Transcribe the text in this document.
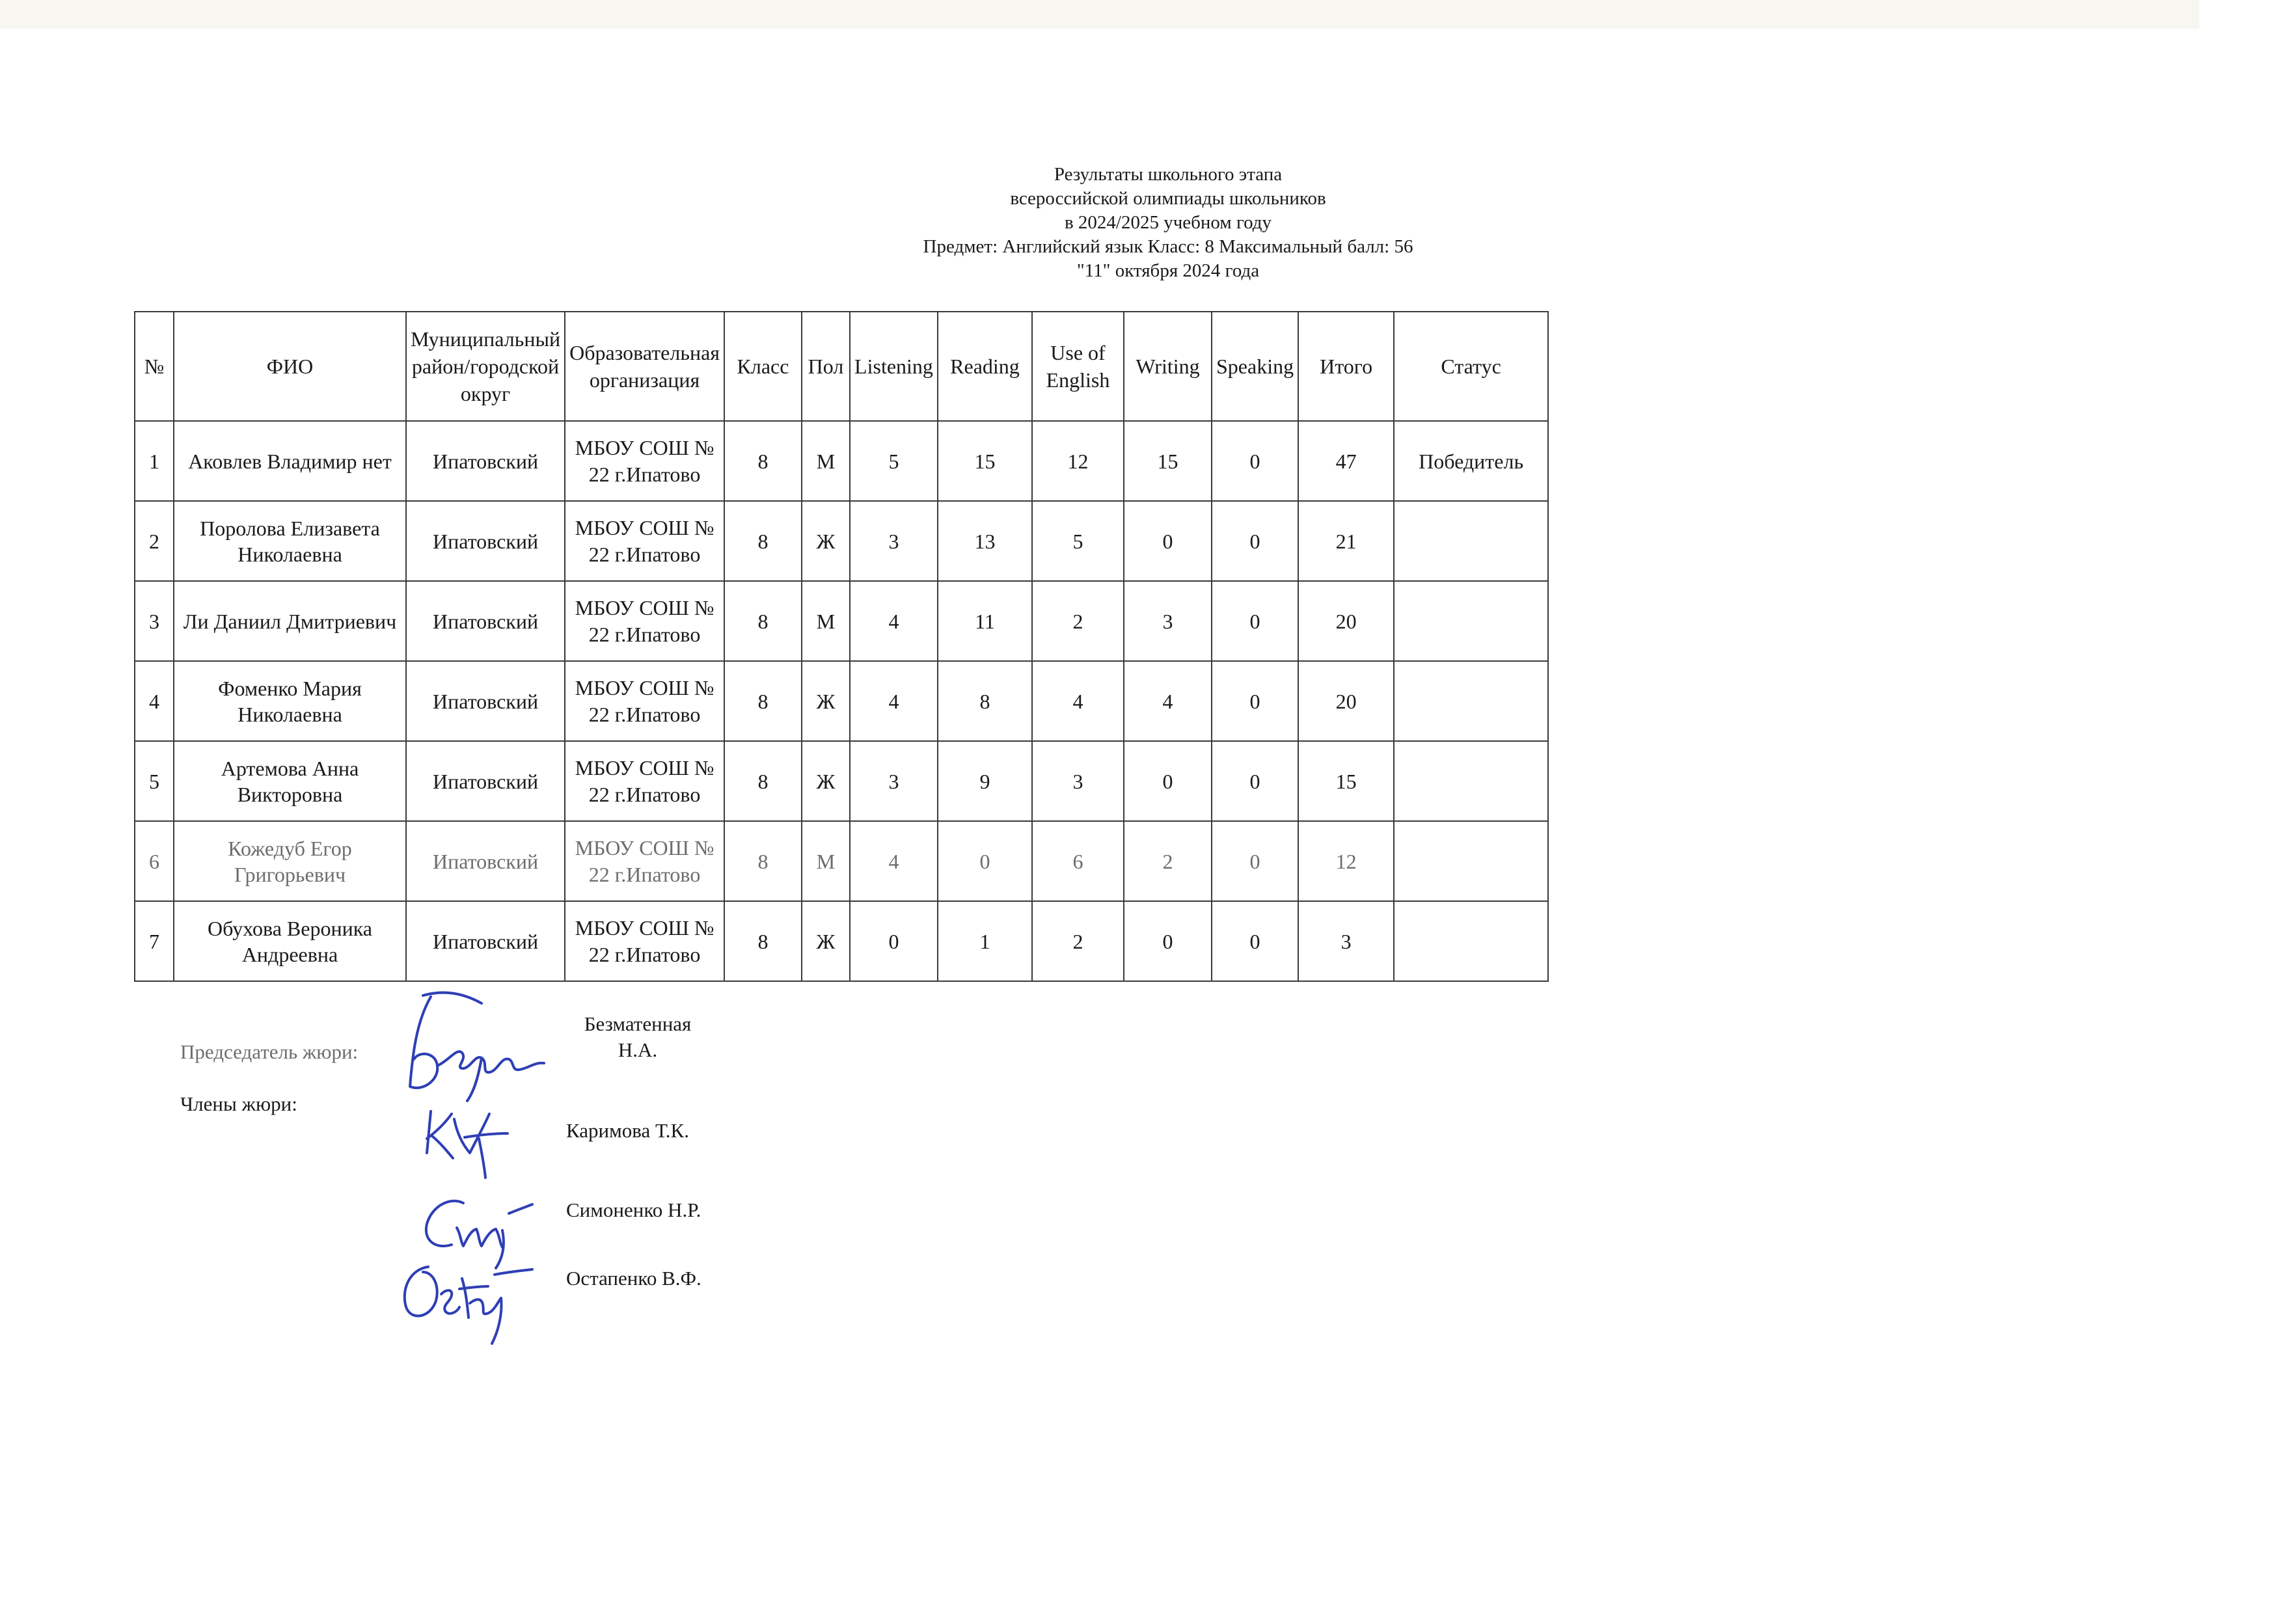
Результаты школьного этапа
всероссийской олимпиады школьников
в 2024/2025 учебном году
Предмет: Английский язык Класс: 8 Максимальный балл: 56
"11" октября 2024 года
№	ФИО	Муниципальный район/городской округ	Образовательная организация	Класс	Пол	Listening	Reading	Use of English	Writing	Speaking	Итого	Статус
1	Аковлев Владимир нет	Ипатовский	МБОУ СОШ № 22 г.Ипатово	8	М	5	15	12	15	0	47	Победитель
2	Поролова Елизавета Николаевна	Ипатовский	МБОУ СОШ № 22 г.Ипатово	8	Ж	3	13	5	0	0	21	
3	Ли Даниил Дмитриевич	Ипатовский	МБОУ СОШ № 22 г.Ипатово	8	М	4	11	2	3	0	20	
4	Фоменко Мария Николаевна	Ипатовский	МБОУ СОШ № 22 г.Ипатово	8	Ж	4	8	4	4	0	20	
5	Артемова Анна Викторовна	Ипатовский	МБОУ СОШ № 22 г.Ипатово	8	Ж	3	9	3	0	0	15	
6	Кожедуб Егор Григорьевич	Ипатовский	МБОУ СОШ № 22 г.Ипатово	8	М	4	0	6	2	0	12	
7	Обухова Вероника Андреевна	Ипатовский	МБОУ СОШ № 22 г.Ипатово	8	Ж	0	1	2	0	0	3	
Председатель жюри:
Безматенная
Н.А.
Члены жюри:
Каримова Т.К.
Симоненко Н.Р.
Остапенко В.Ф.
